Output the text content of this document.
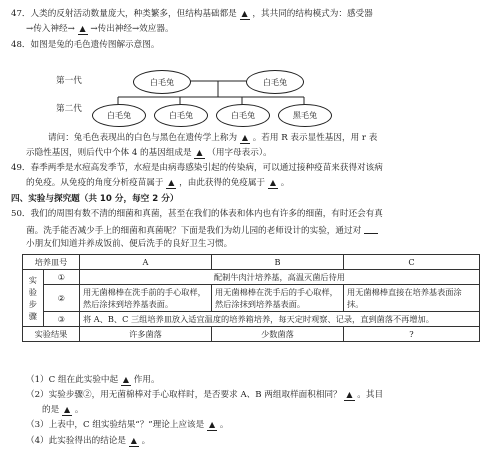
47．人类的反射活动数量庞大，种类繁多，但结构基础都是 ▲ ，其共同的结构模式为：感受器
→传入神经→ ▲ →传出神经→效应器。
48．如图是兔的毛色遗传图解示意图。
第一代	白毛兔	白毛兔
第二代
白毛兔	白毛兔	白毛兔	黑毛兔
请问：兔毛色表现出的白色与黑色在遗传学上称为 ▲ 。若用 R 表示显性基因，用 r 表
示隐性基因，则后代中个体 4 的基因组成是 ▲ （用字母表示）。
49．春季两季是水痘高发季节，水痘是由病毒感染引起的传染病，可以通过接种疫苗来获得对该病
的免疫。从免疫的角度分析疫苗属于 ▲ ，由此获得的免疫属于 ▲ 。
四、实验与探究题（共 10 分，每空 2 分）
50．我们的周围有数不清的细菌和真菌，甚至在我们的体表和体内也有许多的细菌，有时还会有真
菌。洗手能否减少手上的细菌和真菌呢？下面是我们为幼儿园的老师设计的实验，通过对
小朋友们知道并养成饭前、便后洗手的良好卫生习惯。
培养皿号		A	B	C
实验步骤	①	配制牛肉汁培养基，高温灭菌后待用		
	②	用无菌棉棒在洗手前的手心取样，然后涂抹到培养基表面。	用无菌棉棒在洗手后的手心取样，然后涂抹到培养基表面。	用无菌棉棒直接在培养基表面涂抹。
	③	将 A、B、C 三组培养皿放入适宜温度的培养箱培养，每天定时观察、记录，直到菌落不再增加。		
实验结果		许多菌落	少数菌落	?
（1）C 组在此实验中起 ▲ 作用。
（2）实验步骤②，用无菌棉棒对手心取样时，是否要求 A、B 两组取样面积相同？ ▲ 。其目
的是 ▲ 。
（3）上表中，C 组实验结果“？”理论上应该是 ▲ 。
（4）此实验得出的结论是 ▲ 。
